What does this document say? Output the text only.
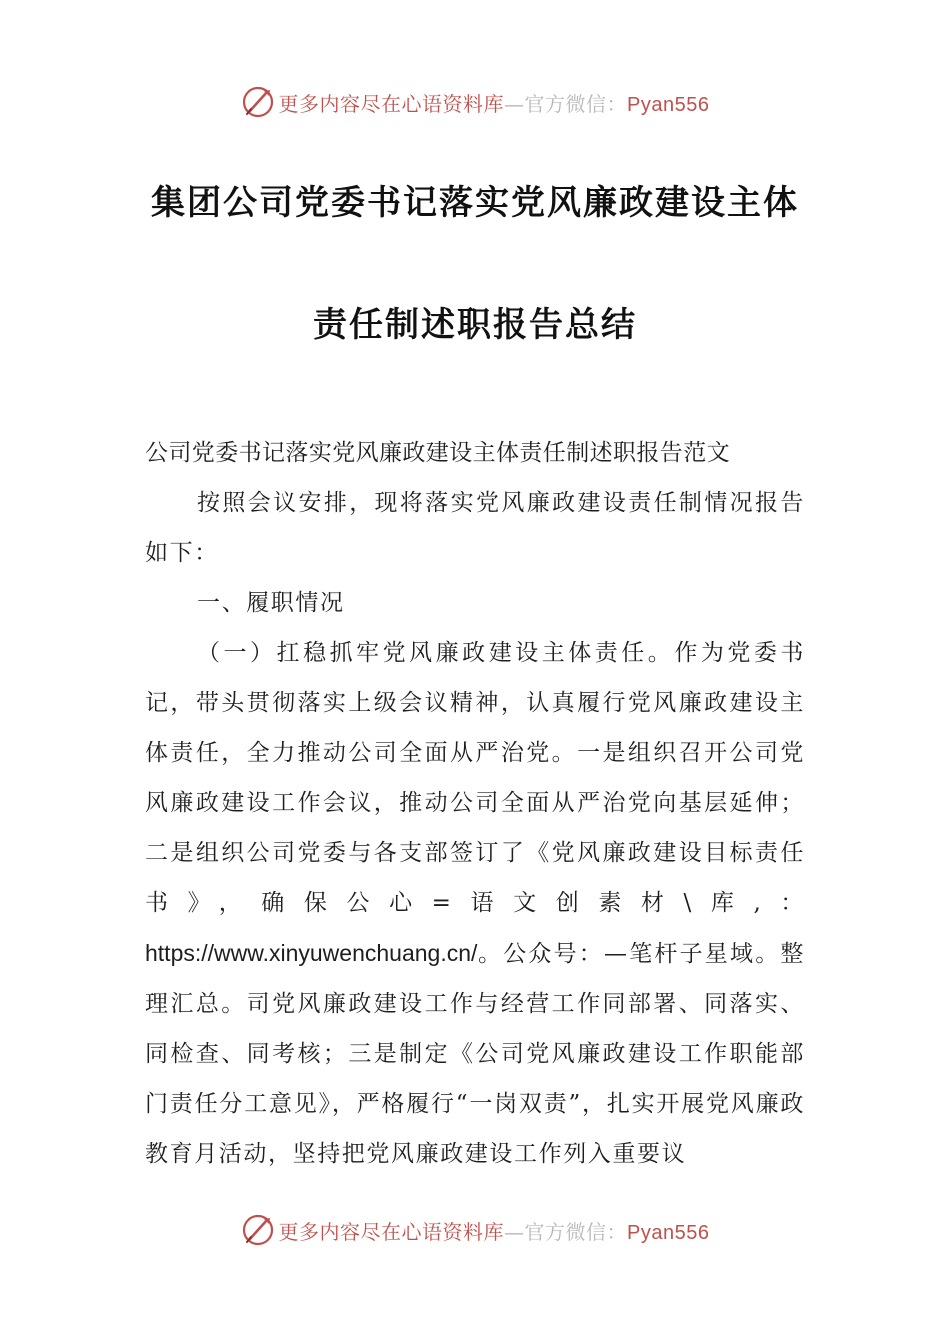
更多内容尽在心语资料库—官方微信：Pyan556
集团公司党委书记落实党风廉政建设主体
责任制述职报告总结

公司党委书记落实党风廉政建设主体责任制述职报告范文

按照会议安排，现将落实党风廉政建设责任制情况报告如下：

一、履职情况

（一）扛稳抓牢党风廉政建设主体责任。作为党委书记，带头贯彻落实上级会议精神，认真履行党风廉政建设主体责任，全力推动公司全面从严治党。一是组织召开公司党风廉政建设工作会议，推动公司全面从严治党向基层延伸；二是组织公司党委与各支部签订了《党风廉政建设目标责任书》，确保公心=语文创素材\库,：https://www.xinyuwenchuang.cn/。公众号：—笔杆子星域。整理汇总。司党风廉政建设工作与经营工作同部署、同落实、同检查、同考核；三是制定《公司党风廉政建设工作职能部门责任分工意见》，严格履行“一岗双责”，扎实开展党风廉政教育月活动，坚持把党风廉政建设工作列入重要议

更多内容尽在心语资料库—官方微信：Pyan556
